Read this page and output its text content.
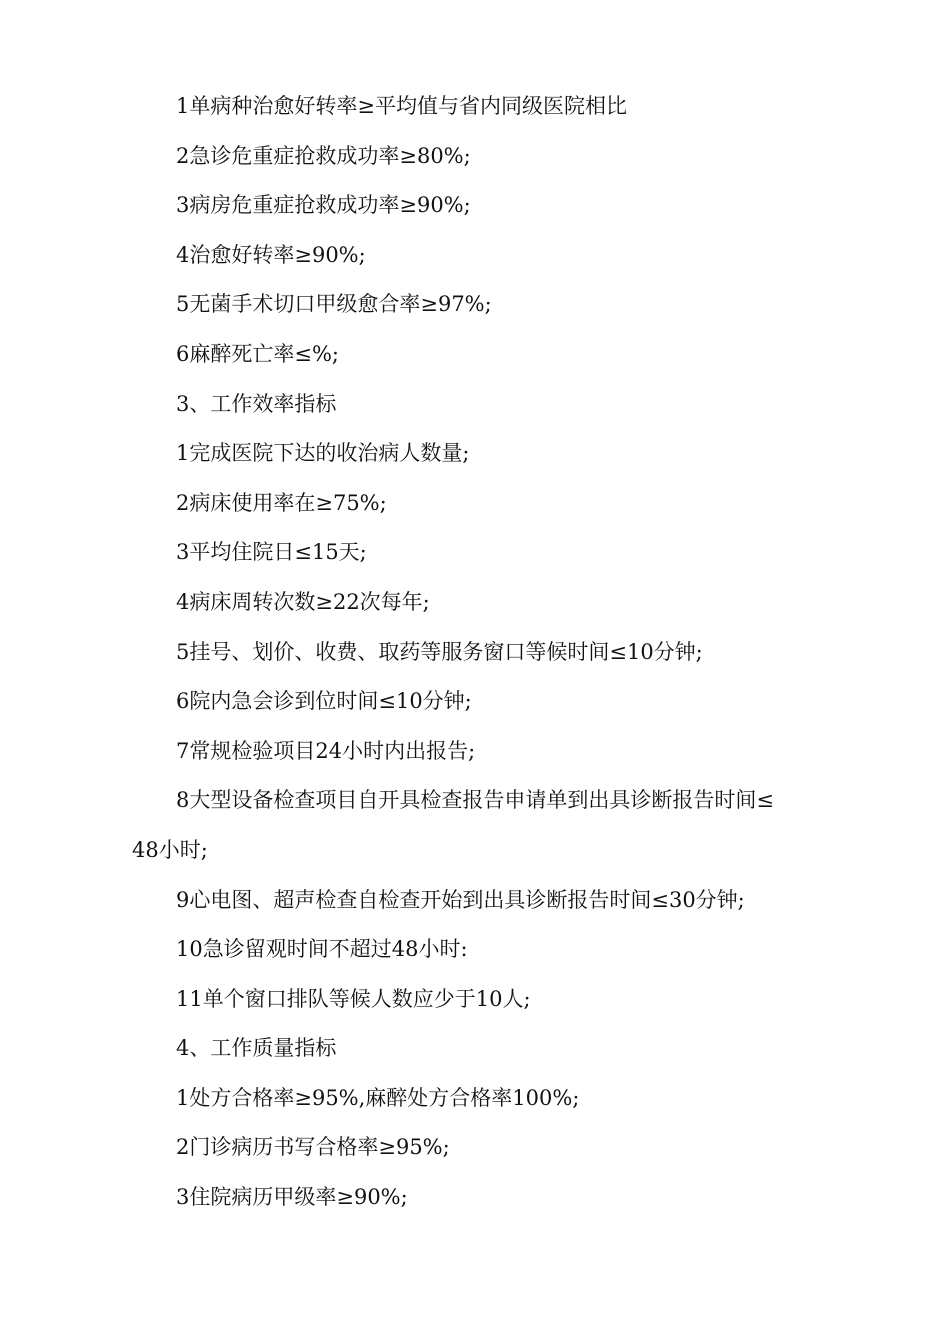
1单病种治愈好转率≥平均值与省内同级医院相比
2急诊危重症抢救成功率≥80%;
3病房危重症抢救成功率≥90%;
4治愈好转率≥90%;
5无菌手术切口甲级愈合率≥97%;
6麻醉死亡率≤%;
3、工作效率指标
1完成医院下达的收治病人数量;
2病床使用率在≥75%;
3平均住院日≤15天;
4病床周转次数≥22次每年;
5挂号、划价、收费、取药等服务窗口等候时间≤10分钟;
6院内急会诊到位时间≤10分钟;
7常规检验项目24小时内出报告;
8大型设备检查项目自开具检查报告申请单到出具诊断报告时间≤
48小时;
9心电图、超声检查自检查开始到出具诊断报告时间≤30分钟;
10急诊留观时间不超过48小时:
11单个窗口排队等候人数应少于10人;
4、工作质量指标
1处方合格率≥95%,麻醉处方合格率100%;
2门诊病历书写合格率≥95%;
3住院病历甲级率≥90%;
